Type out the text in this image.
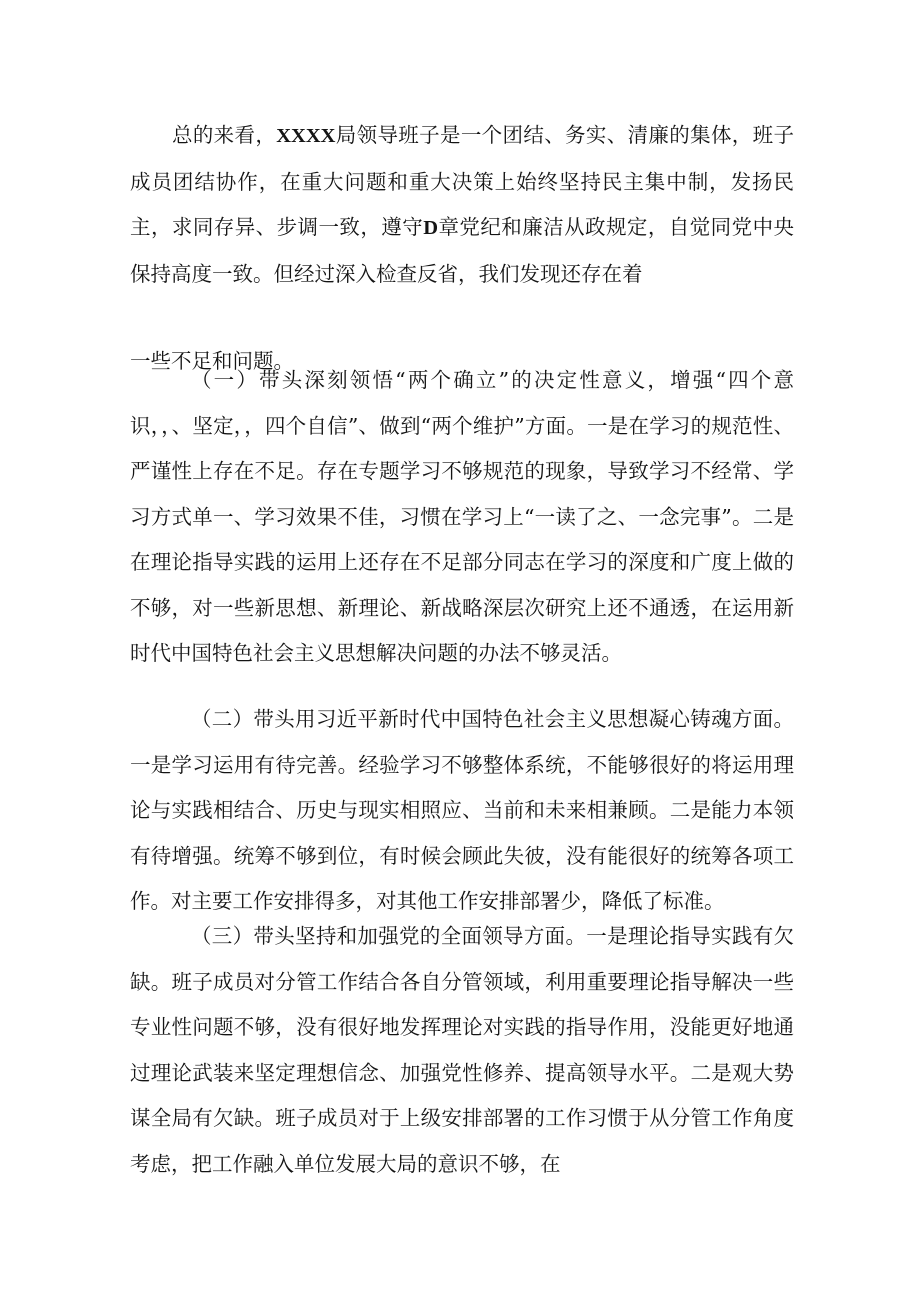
总的来看，XXXX局领导班子是一个团结、务实、清廉的集体，班子成员团结协作，在重大问题和重大决策上始终坚持民主集中制，发扬民主，求同存异、步调一致，遵守D章党纪和廉洁从政规定，自觉同党中央保持高度一致。但经过深入检查反省，我们发现还存在着

一些不足和问题。

（一）带头深刻领悟“两个确立”的决定性意义，增强“四个意识，，、坚定，，四个自信”、做到“两个维护”方面。一是在学习的规范性、严谨性上存在不足。存在专题学习不够规范的现象，导致学习不经常、学习方式单一、学习效果不佳，习惯在学习上“一读了之、一念完事”。二是在理论指导实践的运用上还存在不足部分同志在学习的深度和广度上做的不够，对一些新思想、新理论、新战略深层次研究上还不通透，在运用新时代中国特色社会主义思想解决问题的办法不够灵活。

（二）带头用习近平新时代中国特色社会主义思想凝心铸魂方面。一是学习运用有待完善。经验学习不够整体系统，不能够很好的将运用理论与实践相结合、历史与现实相照应、当前和未来相兼顾。二是能力本领有待增强。统筹不够到位，有时候会顾此失彼，没有能很好的统筹各项工作。对主要工作安排得多，对其他工作安排部署少，降低了标准。

（三）带头坚持和加强党的全面领导方面。一是理论指导实践有欠缺。班子成员对分管工作结合各自分管领域，利用重要理论指导解决一些专业性问题不够，没有很好地发挥理论对实践的指导作用，没能更好地通过理论武装来坚定理想信念、加强党性修养、提高领导水平。二是观大势谋全局有欠缺。班子成员对于上级安排部署的工作习惯于从分管工作角度考虑，把工作融入单位发展大局的意识不够，在
